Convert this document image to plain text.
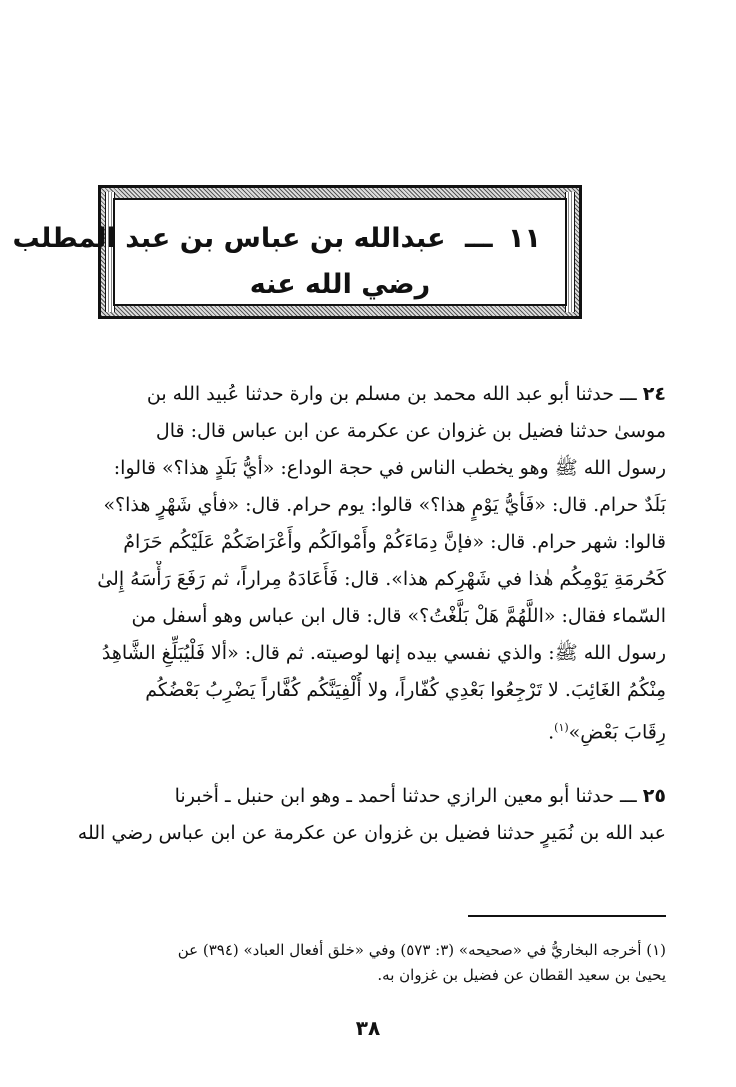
١١ ـــ عبدالله بن عباس بن عبد المطلب
رضي الله عنه
٢٤ ـــ حدثنا أبو عبد الله محمد بن مسلم بن وارة حدثنا عُبيد الله بن
موسىٰ حدثنا فضيل بن غزوان عن عكرمة عن ابن عباس قال: قال
رسول الله ﷺ وهو يخطب الناس في حجة الوداع: «أيُّ بَلَدٍ هذا؟» قالوا:
بَلَدٌ حرام. قال: «فَأيُّ يَوْمٍ هذا؟» قالوا: يوم حرام. قال: «فأي شَهْرٍ هذا؟»
قالوا: شهر حرام. قال: «فإنَّ دِمَاءَكُمْ وأَمْوالَكُم وأَعْرَاضَكُمْ عَلَيْكُم حَرَامٌ
كَحُرمَةِ يَوْمِكُم هٰذا في شَهْرِكم هذا». قال: فَأَعَادَهُ مِراراً، ثم رَفَعَ رَأْسَهُ إِلىٰ
السّماء فقال: «اللَّهُمَّ هَلْ بَلَّغْتُ؟» قال: قال ابن عباس وهو أسفل من
رسول الله ﷺ: والذي نفسي بيده إنها لوصيته. ثم قال: «ألا فَلْيُبَلِّغِ الشَّاهِدُ
مِنْكُمُ الغَائِبَ. لا تَرْجِعُوا بَعْدِي كُفّاراً، ولا أُلْفِيَنَّكُم كُفَّاراً يَضْرِبُ بَعْضُكُم
رِقَابَ بَعْضٍ»$^{(١)}$.
٢٥ ـــ حدثنا أبو معين الرازي حدثنا أحمد ـ وهو ابن حنبل ـ أخبرنا
عبد الله بن نُمَيرٍ حدثنا فضيل بن غزوان عن عكرمة عن ابن عباس رضي الله
(١) أخرجه البخاريُّ في «صحيحه» (٣: ٥٧٣) وفي «خلق أفعال العباد» (٣٩٤) عن
يحيىٰ بن سعيد القطان عن فضيل بن غزوان به.
٣٨
